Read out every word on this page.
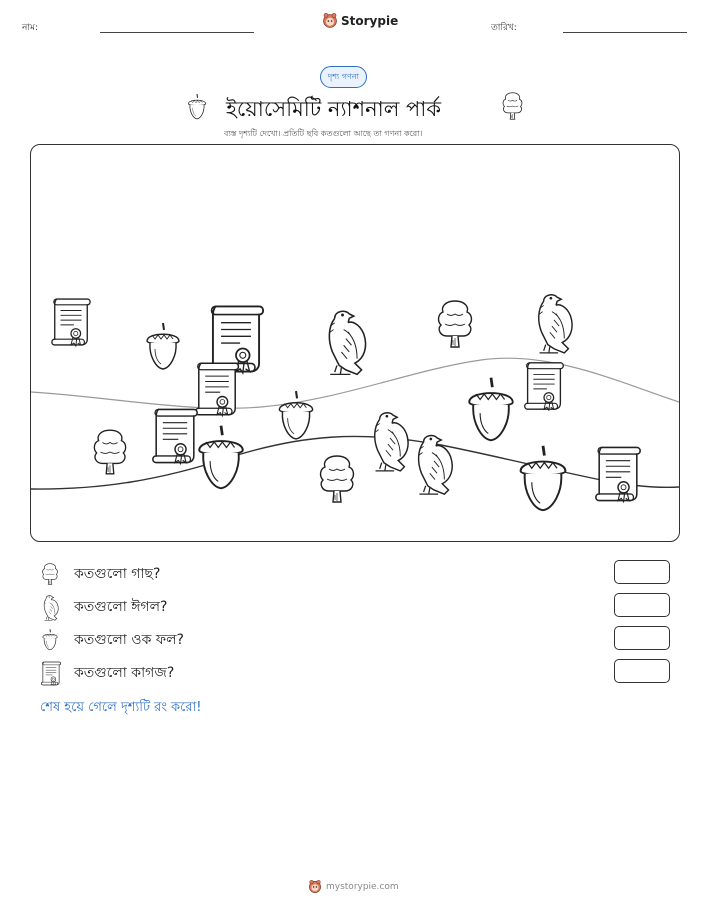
নাম:	Storypie	তারিখ:
দৃশ্য গণনা
ইয়োসেমিটি ন্যাশনাল পার্ক
ব্যস্ত দৃশ্যটি দেখো। প্রতিটি ছবি কতগুলো আছে তা গণনা করো।
কতগুলো গাছ?
কতগুলো ঈগল?
কতগুলো ওক ফল?
কতগুলো কাগজ?
শেষ হয়ে গেলে দৃশ্যটি রং করো!
mystorypie.com
